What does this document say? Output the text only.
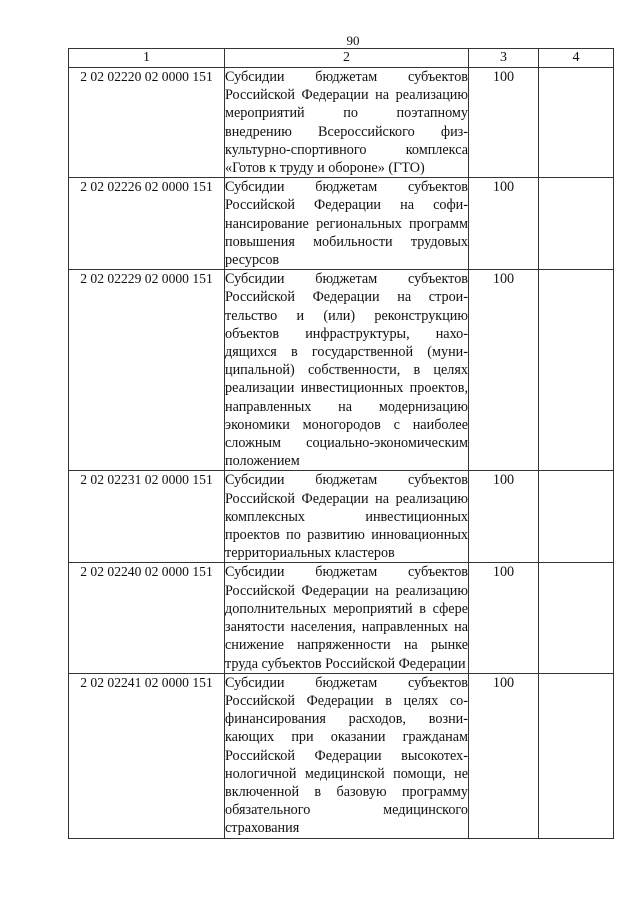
90
1	2	3	4
2 02 02220 02 0000 151	Субсидии бюджетам субъектов Российской Федерации на реализацию мероприятий по поэтапному внедрению Всероссийского физкультурно-спортивного комплекса «Готов к труду и обороне» (ГТО)	100	
2 02 02226 02 0000 151	Субсидии бюджетам субъектов Российской Федерации на софинансирование региональных программ повышения мобильности трудовых ресурсов	100	
2 02 02229 02 0000 151	Субсидии бюджетам субъектов Российской Федерации на строительство и (или) реконструкцию объектов инфраструктуры, находящихся в государственной (муниципальной) собственности, в целях реализации инвестиционных проектов, направленных на модернизацию экономики моногородов с наиболее сложным социально-экономическим положением	100	
2 02 02231 02 0000 151	Субсидии бюджетам субъектов Российской Федерации на реализацию комплексных инвестиционных проектов по развитию инновационных территориальных кластеров	100	
2 02 02240 02 0000 151	Субсидии бюджетам субъектов Российской Федерации на реализацию дополнительных мероприятий в сфере занятости населения, направленных на снижение напряженности на рынке труда субъектов Российской Федерации	100	
2 02 02241 02 0000 151	Субсидии бюджетам субъектов Российской Федерации в целях софинансирования расходов, возникающих при оказании гражданам Российской Федерации высокотехнологичной медицинской помощи, не включенной в базовую программу обязательного медицинского страхования	100	
